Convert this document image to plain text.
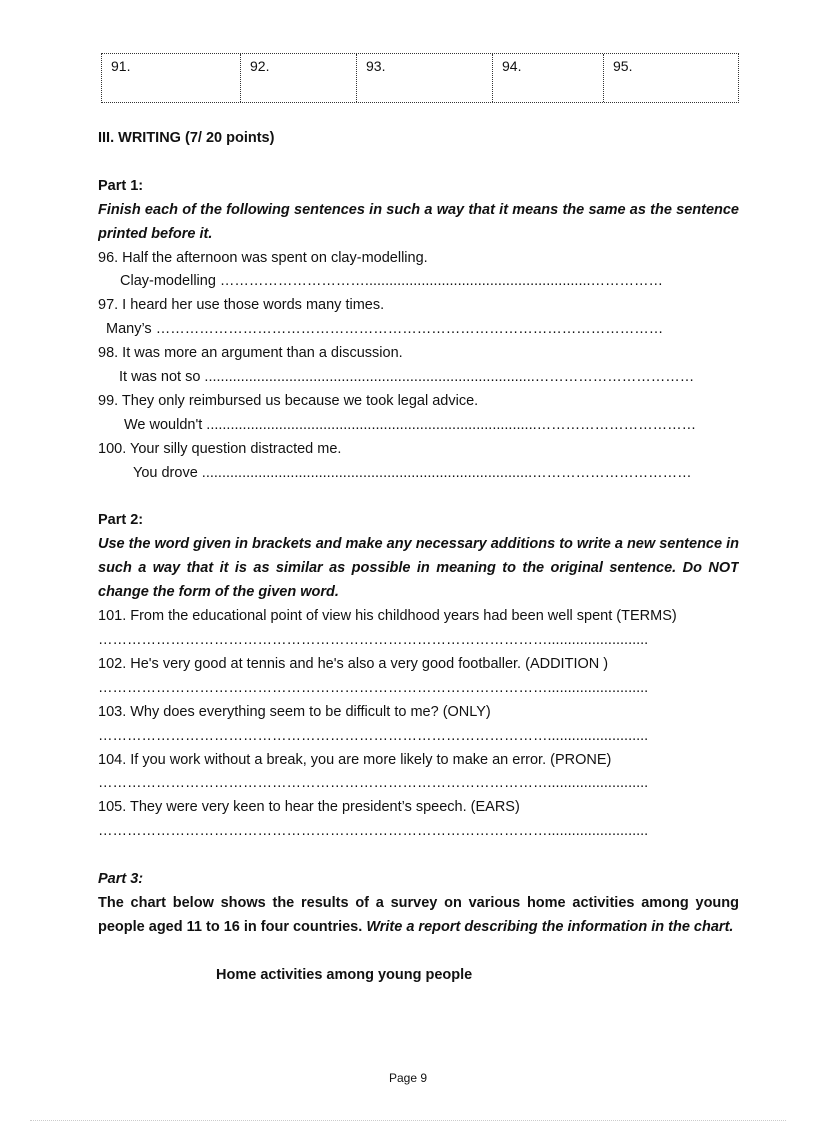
91.	92.	93.	94.	95.
III. WRITING (7/ 20 points)
Part 1:
Finish each of the following sentences in such a way that it means the same as the sentence printed before it.
96. Half the afternoon was spent on clay-modelling.
Clay-modelling …………………………........................................................……………
97. I heard her use those words many times.
Many’s ……………………………………………………………………………………………
98. It was more an argument than a discussion.
It was not so ..................................................................................……………………………
99. They only reimbursed us because we took legal advice.
We wouldn't ..................................................................................……………………………
100. Your silly question distracted me.
You drove ..................................................................................……………………………
Part 2:
Use the word given in brackets and make any necessary additions to write a new sentence in such a way that it is as similar as possible in meaning to the original sentence. Do NOT change the form of the given word.
101. From the educational point of view his childhood years had been well spent (TERMS)
………………………………………………………………………………….........................
102. He's very good at tennis and he's also a very good footballer. (ADDITION )
………………………………………………………………………………….........................
103. Why does everything seem to be difficult to me? (ONLY)
………………………………………………………………………………….........................
104. If you work without a break, you are more likely to make an error. (PRONE)
………………………………………………………………………………….........................
105. They were very keen to hear the president’s speech. (EARS)
………………………………………………………………………………….........................
Part 3:
The chart below shows the results of a survey on various home activities among young people aged 11 to 16 in four countries. Write a report describing the information in the chart.
Home activities among young people
Page 9
